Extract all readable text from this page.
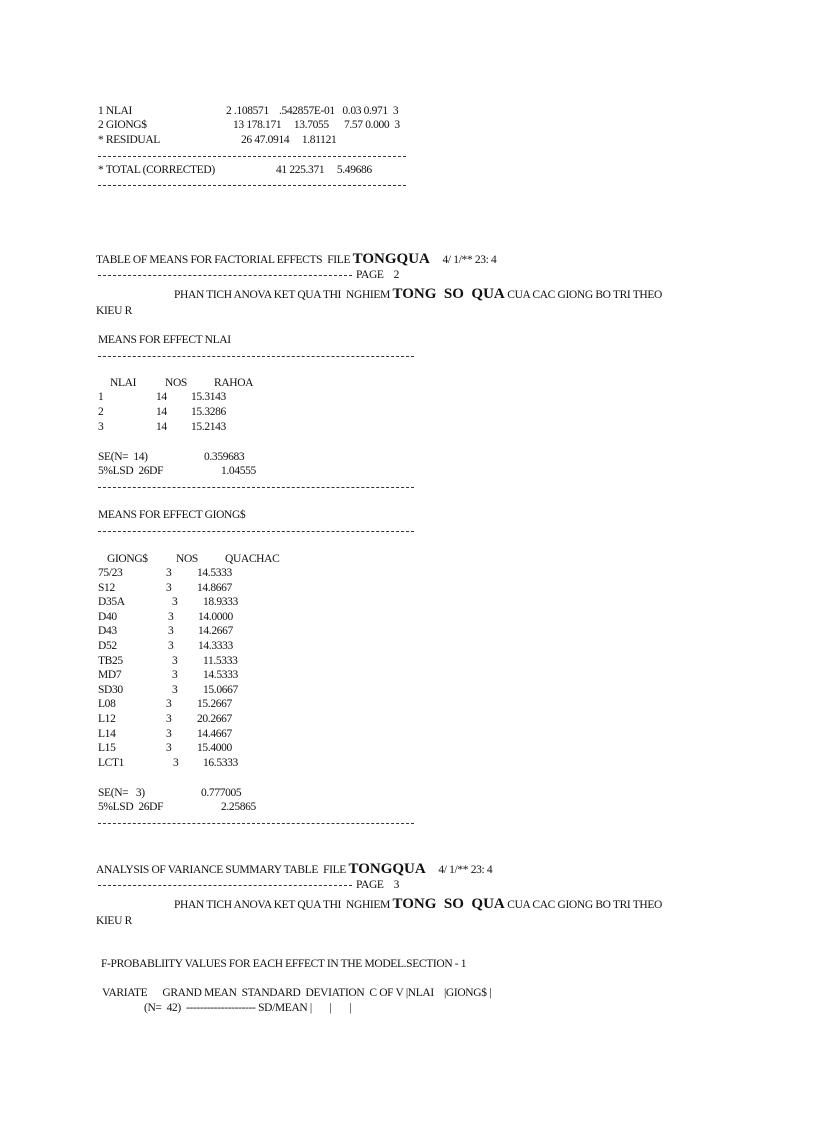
1 NLAI	2 .108571    .542857E-01   0.03 0.971  3
2 GIONG$	13 178.171     13.7055      7.57 0.000  3
* RESIDUAL	26 47.0914     1.81121
* TOTAL (CORRECTED)	41 225.371     5.49686
TABLE OF MEANS FOR FACTORIAL EFFECTS  FILE TONGQUA 4/ 1/** 23: 4
PAGE    2
PHAN TICH ANOVA KET QUA THI  NGHIEM TONG  SO  QUA CUA CAC GIONG BO TRI THEO
KIEU R
MEANS FOR EFFECT NLAI
NLAI	NOS RAHOA
1	14 15.3143
2	14 15.3286
3	14 15.2143
SE(N=  14)	0.359683
5%LSD  26DF	1.04555
MEANS FOR EFFECT GIONG$
GIONG$ NOS QUACHAC
75/23	3 14.5333
S12	3 14.8667
D35A	3 18.9333
D40	3 14.0000
D43	3 14.2667
D52	3 14.3333
TB25	3 11.5333
MD7	3 14.5333
SD30	3 15.0667
L08	3 15.2667
L12	3 20.2667
L14	3 14.4667
L15	3 15.4000
LCT1	3 16.5333
SE(N=   3)	0.777005
5%LSD  26DF	2.25865
ANALYSIS OF VARIANCE SUMMARY TABLE  FILE TONGQUA 4/ 1/** 23: 4
PAGE    3
PHAN TICH ANOVA KET QUA THI  NGHIEM TONG  SO  QUA CUA CAC GIONG BO TRI THEO
KIEU R
F-PROBABLIITY VALUES FOR EACH EFFECT IN THE MODEL.SECTION - 1
VARIATE      GRAND MEAN  STANDARD  DEVIATION  C OF V |NLAI    |GIONG$ |
(N=  42)  -------------------- SD/MEAN |       |       |
